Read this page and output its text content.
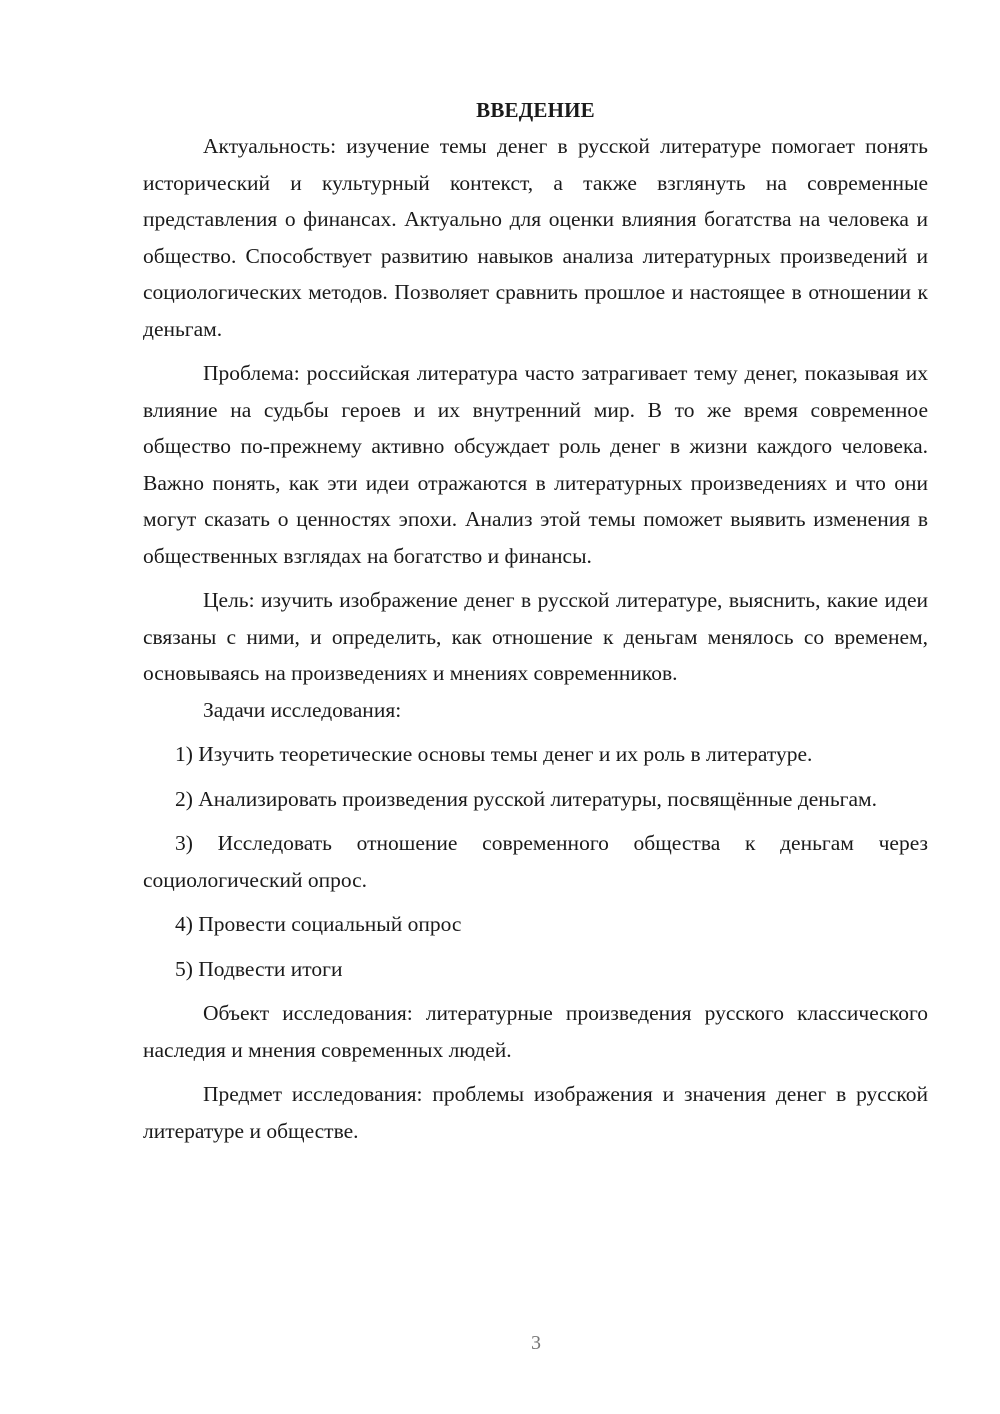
ВВЕДЕНИЕ

Актуальность: изучение темы денег в русской литературе помогает понять исторический и культурный контекст, а также взглянуть на современные представления о финансах. Актуально для оценки влияния богатства на человека и общество. Способствует развитию навыков анализа литературных произведений и социологических методов. Позволяет сравнить прошлое и настоящее в отношении к деньгам.

Проблема: российская литература часто затрагивает тему денег, показывая их влияние на судьбы героев и их внутренний мир. В то же время современное общество по-прежнему активно обсуждает роль денег в жизни каждого человека. Важно понять, как эти идеи отражаются в литературных произведениях и что они могут сказать о ценностях эпохи. Анализ этой темы поможет выявить изменения в общественных взглядах на богатство и финансы.

Цель: изучить изображение денег в русской литературе, выяснить, какие идеи связаны с ними, и определить, как отношение к деньгам менялось со временем, основываясь на произведениях и мнениях современников.

Задачи исследования:

1) Изучить теоретические основы темы денег и их роль в литературе.

2) Анализировать произведения русской литературы, посвящённые деньгам.

3) Исследовать отношение современного общества к деньгам через социологический опрос.

4) Провести социальный опрос

5) Подвести итоги

Объект исследования: литературные произведения русского классического наследия и мнения современных людей.

Предмет исследования: проблемы изображения и значения денег в русской литературе и обществе.

3
